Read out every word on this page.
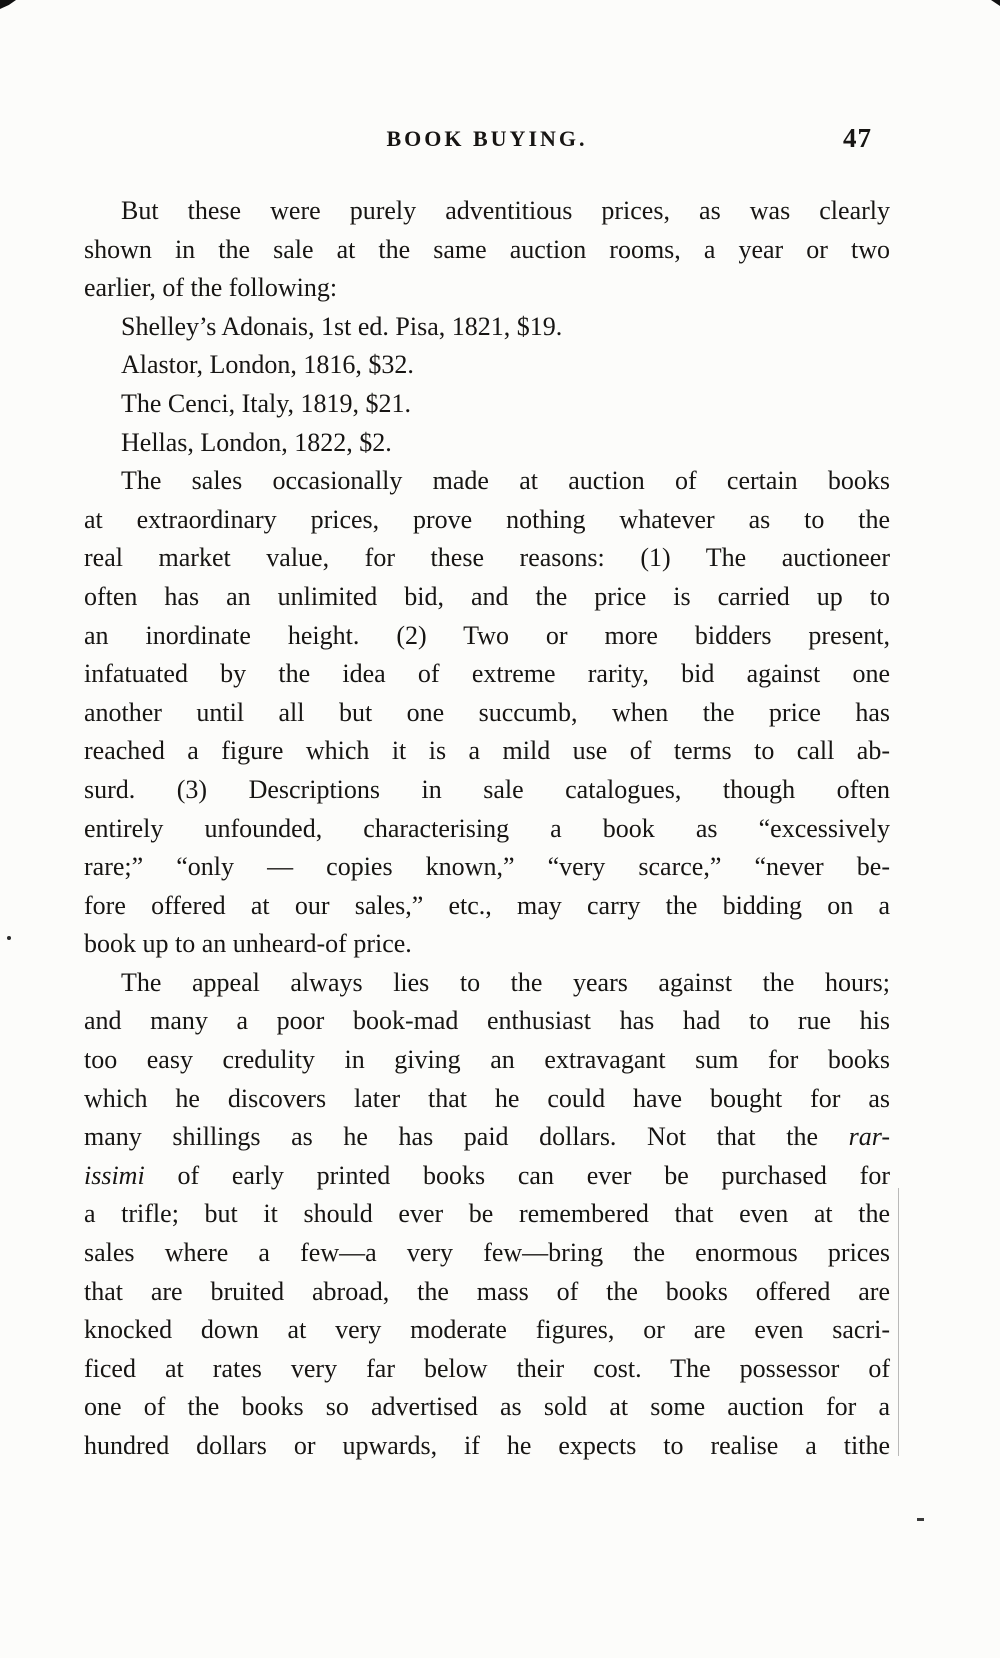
BOOK BUYING.	47
But these were purely adventitious prices, as was clearly
shown in the sale at the same auction rooms, a year or two
earlier, of the following:
Shelley’s Adonais, 1st ed. Pisa, 1821, $19.
Alastor, London, 1816, $32.
The Cenci, Italy, 1819, $21.
Hellas, London, 1822, $2.
The sales occasionally made at auction of certain books
at extraordinary prices, prove nothing whatever as to the
real market value, for these reasons: (1) The auctioneer
often has an unlimited bid, and the price is carried up to
an inordinate height. (2) Two or more bidders present,
infatuated by the idea of extreme rarity, bid against one
another until all but one succumb, when the price has
reached a figure which it is a mild use of terms to call ab-
surd. (3) Descriptions in sale catalogues, though often
entirely unfounded, characterising a book as “excessively
rare;” “only — copies known,” “very scarce,” “never be-
fore offered at our sales,” etc., may carry the bidding on a
book up to an unheard-of price.
The appeal always lies to the years against the hours;
and many a poor book-mad enthusiast has had to rue his
too easy credulity in giving an extravagant sum for books
which he discovers later that he could have bought for as
many shillings as he has paid dollars. Not that the rar-
issimi of early printed books can ever be purchased for
a trifle; but it should ever be remembered that even at the
sales where a few—a very few—bring the enormous prices
that are bruited abroad, the mass of the books offered are
knocked down at very moderate figures, or are even sacri-
ficed at rates very far below their cost. The possessor of
one of the books so advertised as sold at some auction for a
hundred dollars or upwards, if he expects to realise a tithe
